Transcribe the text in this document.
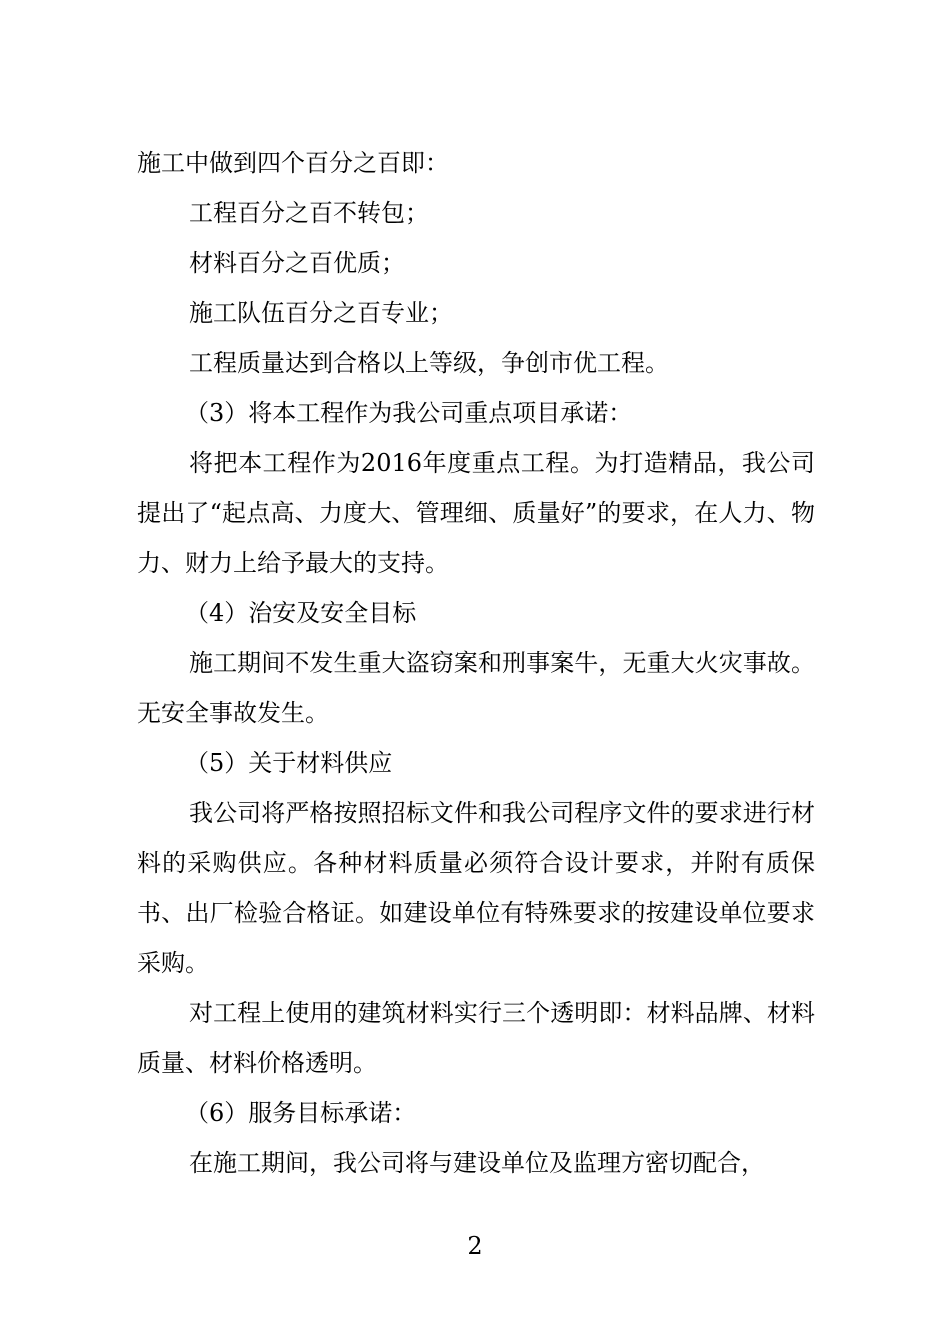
施工中做到四个百分之百即：

工程百分之百不转包；

材料百分之百优质；

施工队伍百分之百专业；

工程质量达到合格以上等级，争创市优工程。

（3）将本工程作为我公司重点项目承诺：

将把本工程作为2016年度重点工程。为打造精品，我公司提出了“起点高、力度大、管理细、质量好”的要求，在人力、物力、财力上给予最大的支持。

（4）治安及安全目标

施工期间不发生重大盗窃案和刑事案牛，无重大火灾事故。无安全事故发生。

（5）关于材料供应

我公司将严格按照招标文件和我公司程序文件的要求进行材料的采购供应。各种材料质量必须符合设计要求，并附有质保书、出厂检验合格证。如建设单位有特殊要求的按建设单位要求采购。

对工程上使用的建筑材料实行三个透明即：材料品牌、材料质量、材料价格透明。

（6）服务目标承诺：

在施工期间，我公司将与建设单位及监理方密切配合，

2
